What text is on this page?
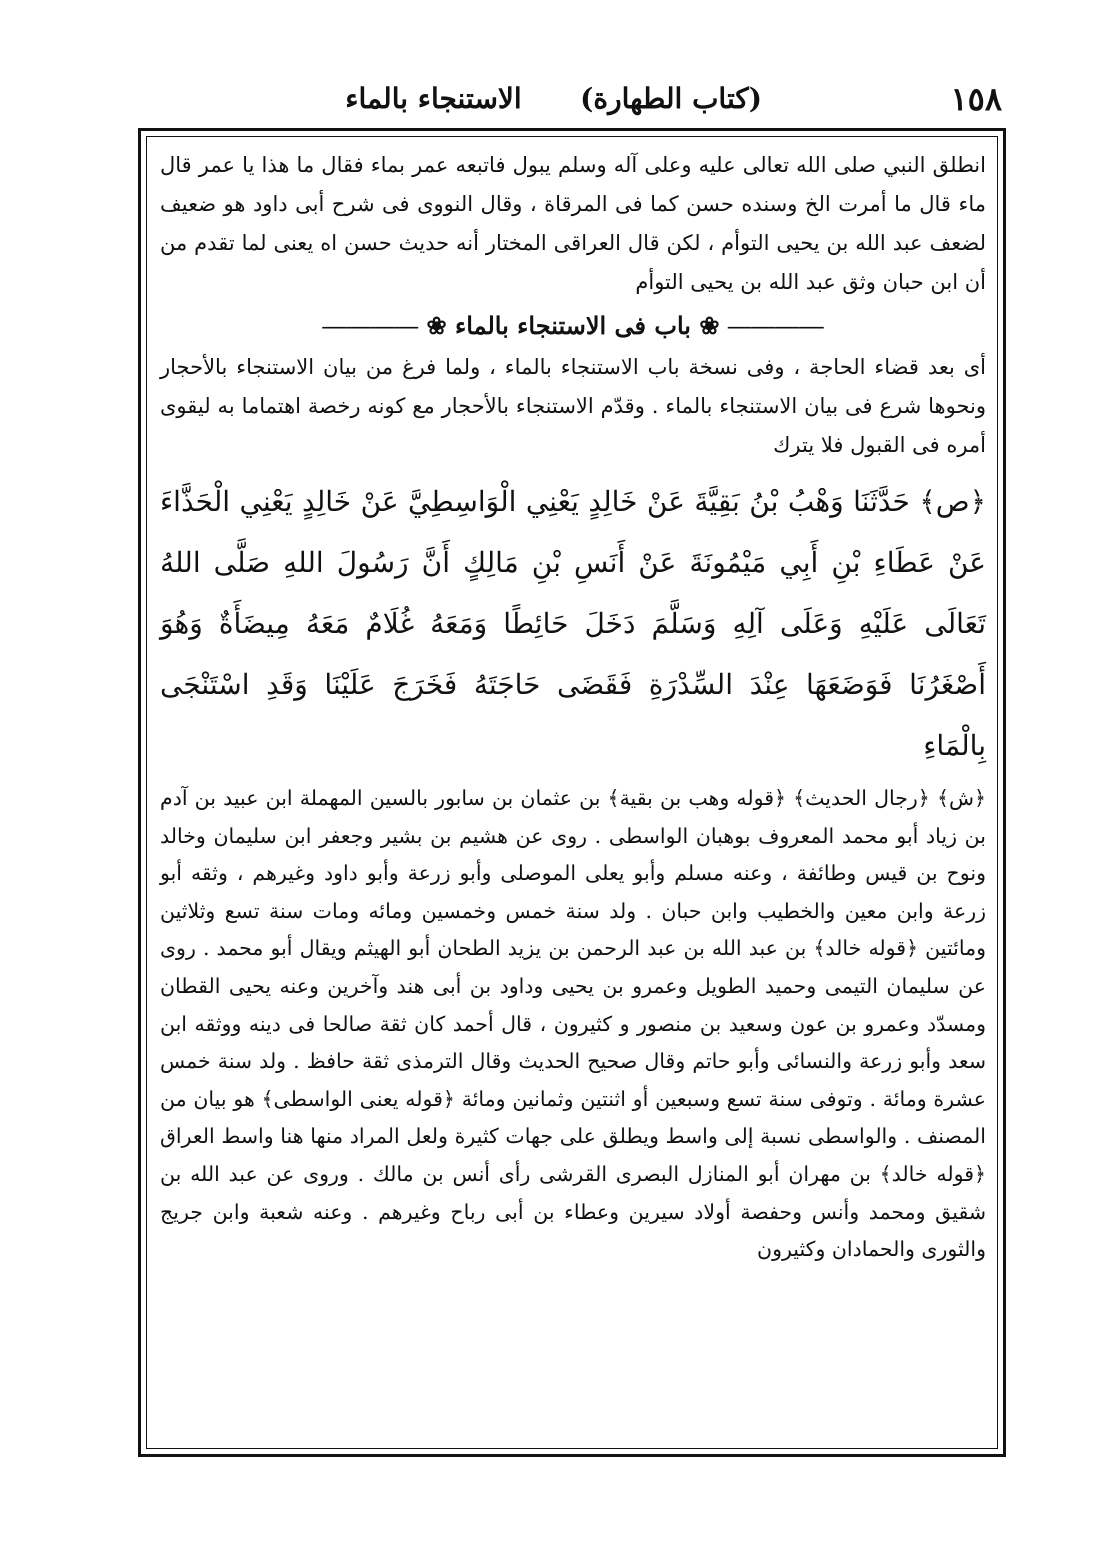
١٥٨
(كتاب الطهارة)      الاستنجاء بالماء

انطلق النبي صلى الله تعالى عليه وعلى آله وسلم يبول فاتبعه عمر بماء فقال ما هذا يا عمر قال ماء قال ما أمرت الخ وسنده حسن كما فى المرقاة ، وقال النووى فى شرح أبى داود هو ضعيف لضعف عبد الله بن يحيى التوأم ، لكن قال العراقى المختار أنه حديث حسن اه يعنى لما تقدم من أن ابن حبان وثق عبد الله بن يحيى التوأم

―――― ❀ باب فى الاستنجاء بالماء ❀ ――――

أى بعد قضاء الحاجة ، وفى نسخة باب الاستنجاء بالماء ، ولما فرغ من بيان الاستنجاء بالأحجار ونحوها شرع فى بيان الاستنجاء بالماء . وقدّم الاستنجاء بالأحجار مع كونه رخصة اهتماما به ليقوى أمره فى القبول فلا يترك

﴿ص﴾ حَدَّثَنَا وَهْبُ بْنُ بَقِيَّةَ عَنْ خَالِدٍ يَعْنِي الْوَاسِطِيَّ عَنْ خَالِدٍ يَعْنِي الْحَذَّاءَ عَنْ عَطَاءِ بْنِ أَبِي مَيْمُونَةَ عَنْ أَنَسِ بْنِ مَالِكٍ أَنَّ رَسُولَ اللهِ صَلَّى اللهُ تَعَالَى عَلَيْهِ وَعَلَى آلِهِ وَسَلَّمَ دَخَلَ حَائِطًا وَمَعَهُ غُلَامٌ مَعَهُ مِيضَأَةٌ وَهُوَ أَصْغَرُنَا فَوَضَعَهَا عِنْدَ السِّدْرَةِ فَقَضَى حَاجَتَهُ فَخَرَجَ عَلَيْنَا وَقَدِ اسْتَنْجَى بِالْمَاءِ

﴿ش﴾ ﴿رجال الحديث﴾ ﴿قوله وهب بن بقية﴾ بن عثمان بن سابور بالسين المهملة ابن عبيد بن آدم بن زياد أبو محمد المعروف بوهبان الواسطى . روى عن هشيم بن بشير وجعفر ابن سليمان وخالد ونوح بن قيس وطائفة ، وعنه مسلم وأبو يعلى الموصلى وأبو زرعة وأبو داود وغيرهم ، وثقه أبو زرعة وابن معين والخطيب وابن حبان . ولد سنة خمس وخمسين ومائه ومات سنة تسع وثلاثين ومائتين ﴿قوله خالد﴾ بن عبد الله بن عبد الرحمن بن يزيد الطحان أبو الهيثم ويقال أبو محمد . روى عن سليمان التيمى وحميد الطويل وعمرو بن يحيى وداود بن أبى هند وآخرين وعنه يحيى القطان ومسدّد وعمرو بن عون وسعيد بن منصور و كثيرون ، قال أحمد كان ثقة صالحا فى دينه ووثقه ابن سعد وأبو زرعة والنسائى وأبو حاتم وقال صحيح الحديث وقال الترمذى ثقة حافظ . ولد سنة خمس عشرة ومائة . وتوفى سنة تسع وسبعين أو اثنتين وثمانين ومائة ﴿قوله يعنى الواسطى﴾ هو بيان من المصنف . والواسطى نسبة إلى واسط ويطلق على جهات كثيرة ولعل المراد منها هنا واسط العراق ﴿قوله خالد﴾ بن مهران أبو المنازل البصرى القرشى رأى أنس بن مالك . وروى عن عبد الله بن شقيق ومحمد وأنس وحفصة أولاد سيرين وعطاء بن أبى رباح وغيرهم . وعنه شعبة وابن جريج والثورى والحمادان وكثيرون
